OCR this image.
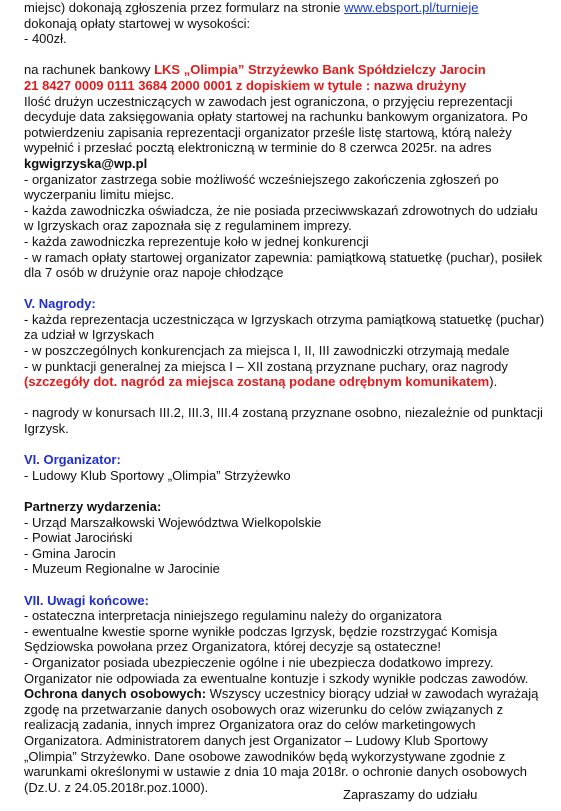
miejsc) dokonają zgłoszenia przez formularz na stronie www.ebsport.pl/turnieje
dokonają opłaty startowej w wysokości:
- 400zł.
na rachunek bankowy LKS „Olimpia” Strzyżewko Bank Spółdzielczy Jarocin
21 8427 0009 0111 3684 2000 0001 z dopiskiem w tytule : nazwa drużyny
Ilość drużyn uczestniczących w zawodach jest ograniczona, o przyjęciu reprezentacji
decyduje data zaksięgowania opłaty startowej na rachunku bankowym organizatora. Po
potwierdzeniu zapisania reprezentacji organizator prześle listę startową, którą należy
wypełnić i przesłać pocztą elektroniczną w terminie do 8 czerwca 2025r. na adres
kgwigrzyska@wp.pl
- organizator zastrzega sobie możliwość wcześniejszego zakończenia zgłoszeń po
wyczerpaniu limitu miejsc.
- każda zawodniczka oświadcza, że nie posiada przeciwwskazań zdrowotnych do udziału
w Igrzyskach oraz zapoznała się z regulaminem imprezy.
- każda zawodniczka reprezentuje koło w jednej konkurencji
- w ramach opłaty startowej organizator zapewnia: pamiątkową statuetkę (puchar), posiłek
dla 7 osób w drużynie oraz napoje chłodzące
V. Nagrody:
- każda reprezentacja uczestnicząca w Igrzyskach otrzyma pamiątkową statuetkę (puchar)
za udział w Igrzyskach
- w poszczególnych konkurencjach za miejsca I, II, III zawodniczki otrzymają medale
- w punktacji generalnej za miejsca I – XII zostaną przyznane puchary, oraz nagrody
(szczegóły dot. nagród za miejsca zostaną podane odrębnym komunikatem).
- nagrody w konursach III.2, III.3, III.4 zostaną przyznane osobno, niezależnie od punktacji
Igrzysk.
VI. Organizator:
- Ludowy Klub Sportowy „Olimpia” Strzyżewko
Partnerzy wydarzenia:
- Urząd Marszałkowski Województwa Wielkopolskie
- Powiat Jarociński
- Gmina Jarocin
- Muzeum Regionalne w Jarocinie
VII. Uwagi końcowe:
- ostateczna interpretacja niniejszego regulaminu należy do organizatora
- ewentualne kwestie sporne wynikłe podczas Igrzysk, będzie rozstrzygać Komisja
Sędziowska powołana przez Organizatora, której decyzje są ostateczne!
- Organizator posiada ubezpieczenie ogólne i nie ubezpiecza dodatkowo imprezy.
Organizator nie odpowiada za ewentualne kontuzje i szkody wynikłe podczas zawodów.
Ochrona danych osobowych: Wszyscy uczestnicy biorący udział w zawodach wyrażają
zgodę na przetwarzanie danych osobowych oraz wizerunku do celów związanych z
realizacją zadania, innych imprez Organizatora oraz do celów marketingowych
Organizatora. Administratorem danych jest Organizator – Ludowy Klub Sportowy
„Olimpia” Strzyżewko. Dane osobowe zawodników będą wykorzystywane zgodnie z
warunkami określonymi w ustawie z dnia 10 maja 2018r. o ochronie danych osobowych
(Dz.U. z 24.05.2018r.poz.1000).	Zapraszamy do udziału
